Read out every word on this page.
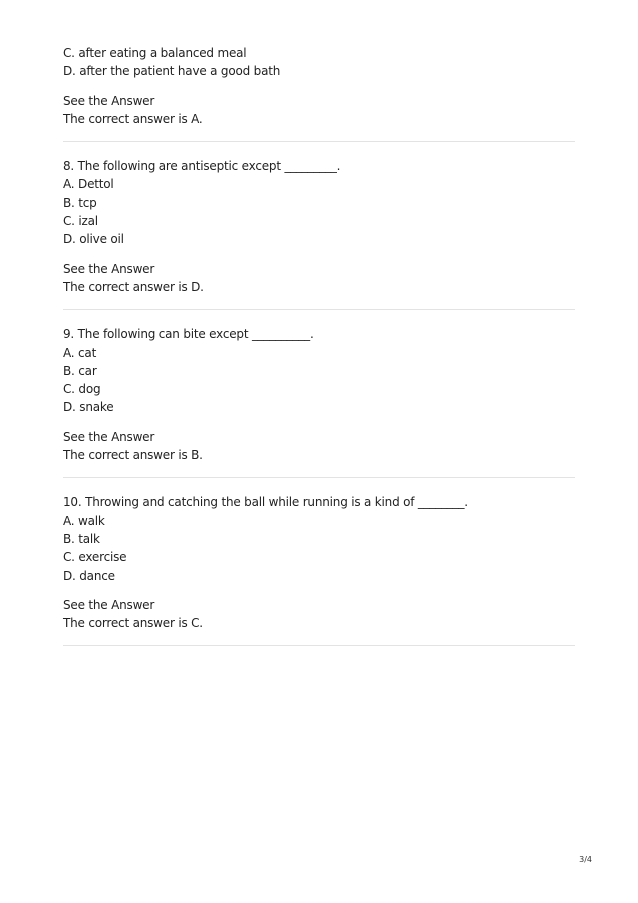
C. after eating a balanced meal
D. after the patient have a good bath
See the Answer
The correct answer is A.
8. The following are antiseptic except _________.
A. Dettol
B. tcp
C. izal
D. olive oil
See the Answer
The correct answer is D.
9. The following can bite except __________.
A. cat
B. car
C. dog
D. snake
See the Answer
The correct answer is B.
10. Throwing and catching the ball while running is a kind of ________.
A. walk
B. talk
C. exercise
D. dance
See the Answer
The correct answer is C.
3/4
